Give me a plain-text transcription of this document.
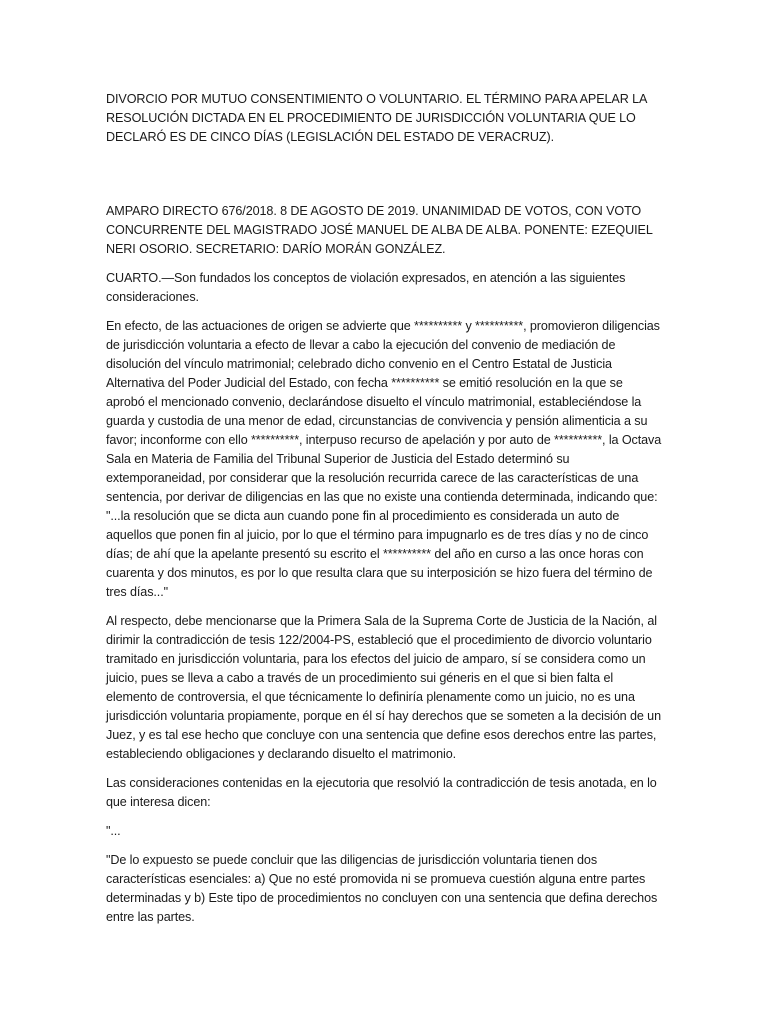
DIVORCIO POR MUTUO CONSENTIMIENTO O VOLUNTARIO. EL TÉRMINO PARA APELAR LA RESOLUCIÓN DICTADA EN EL PROCEDIMIENTO DE JURISDICCIÓN VOLUNTARIA QUE LO DECLARÓ ES DE CINCO DÍAS (LEGISLACIÓN DEL ESTADO DE VERACRUZ).

AMPARO DIRECTO 676/2018. 8 DE AGOSTO DE 2019. UNANIMIDAD DE VOTOS, CON VOTO CONCURRENTE DEL MAGISTRADO JOSÉ MANUEL DE ALBA DE ALBA. PONENTE: EZEQUIEL NERI OSORIO. SECRETARIO: DARÍO MORÁN GONZÁLEZ.

CUARTO.—Son fundados los conceptos de violación expresados, en atención a las siguientes consideraciones.

En efecto, de las actuaciones de origen se advierte que ********** y **********, promovieron diligencias de jurisdicción voluntaria a efecto de llevar a cabo la ejecución del convenio de mediación de disolución del vínculo matrimonial; celebrado dicho convenio en el Centro Estatal de Justicia Alternativa del Poder Judicial del Estado, con fecha ********** se emitió resolución en la que se aprobó el mencionado convenio, declarándose disuelto el vínculo matrimonial, estableciéndose la guarda y custodia de una menor de edad, circunstancias de convivencia y pensión alimenticia a su favor; inconforme con ello **********, interpuso recurso de apelación y por auto de **********, la Octava Sala en Materia de Familia del Tribunal Superior de Justicia del Estado determinó su extemporaneidad, por considerar que la resolución recurrida carece de las características de una sentencia, por derivar de diligencias en las que no existe una contienda determinada, indicando que: "...la resolución que se dicta aun cuando pone fin al procedimiento es considerada un auto de aquellos que ponen fin al juicio, por lo que el término para impugnarlo es de tres días y no de cinco días; de ahí que la apelante presentó su escrito el ********** del año en curso a las once horas con cuarenta y dos minutos, es por lo que resulta clara que su interposición se hizo fuera del término de tres días..."

Al respecto, debe mencionarse que la Primera Sala de la Suprema Corte de Justicia de la Nación, al dirimir la contradicción de tesis 122/2004-PS, estableció que el procedimiento de divorcio voluntario tramitado en jurisdicción voluntaria, para los efectos del juicio de amparo, sí se considera como un juicio, pues se lleva a cabo a través de un procedimiento sui géneris en el que si bien falta el elemento de controversia, el que técnicamente lo definiría plenamente como un juicio, no es una jurisdicción voluntaria propiamente, porque en él sí hay derechos que se someten a la decisión de un Juez, y es tal ese hecho que concluye con una sentencia que define esos derechos entre las partes, estableciendo obligaciones y declarando disuelto el matrimonio.

Las consideraciones contenidas en la ejecutoria que resolvió la contradicción de tesis anotada, en lo que interesa dicen:

"...

"De lo expuesto se puede concluir que las diligencias de jurisdicción voluntaria tienen dos características esenciales: a) Que no esté promovida ni se promueva cuestión alguna entre partes determinadas y b) Este tipo de procedimientos no concluyen con una sentencia que defina derechos entre las partes.
